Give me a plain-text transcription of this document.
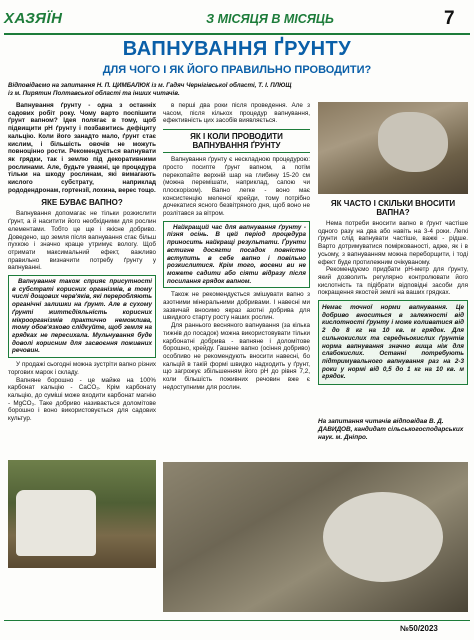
ХАЗЯЇН	З МІСЯЦЯ В МІСЯЦЬ	7
ВАПНУВАННЯ ҐРУНТУ
ДЛЯ ЧОГО І ЯК ЙОГО ПРАВИЛЬНО ПРОВОДИТИ?
Відповідаємо на запитання Н. П. ЦИМБАЛЮК із м. Гадяч Чернігівської області, Т. І. ПЛЮЩ із м. Пирятин Полтавської області та інших читачів.

Вапнування ґрунту - одна з останніх садових робіт року. Чому варто поспішити ґрунт вапном? Ідея полягає в тому, щоб підвищити pH ґрунту і позбавитись дефіциту кальцію. Коли його занадто мало, ґрунт стає кислим, і більшість овочів не можуть повноцінно рости. Рекомендується вапнувати як грядки, так і землю під декоративними рослинами. Але, будьте уважні, це процедура тільки на шкоду рослинам, які вимагають кислого субстрату, наприклад рододендронам, гортензії, лохина, верес тощо.

ЯКЕ БУВАЄ ВАПНО?

Вапнування допомагає не тільки розкислити ґрунт, а й наситити його необхідними для рослин елементами. Тобто це ще і якісне добриво. Доведено, що земля після вапнування стає більш пухкою і значно краще утримує вологу. Щоб отримати максимальний ефект, важливо правильно визначити потребу ґрунту у вапнуванні.

Вапнування також сприяє присутності в субстраті корисних організмів, в тому числі дощових черв'яків, які переробляють органічні залишки на ґрунт. Але в сухому ґрунті життєдіяльність корисних мікроорганізмів практично неможлива, тому обов'язково слідкуйте, щоб земля на грядках не пересихала. Мульчування буде доволі корисним для засвоєння поживних речовин.

У продажі сьогодні можна зустріти вапно різних торгових марок і складу.

Вапняне борошно - це майже на 100% карбонат кальцію - CaCO₃. Крім карбонату кальцію, до суміші може входити карбонат магнію - MgCO₃. Таке добриво називається доломітове борошно і воно використовується для садових культур.

в перші два роки після проведення. Але з часом, після кількох процедур вапнування, ефективність цих засобів виявляється.

ЯК І КОЛИ ПРОВОДИТИ ВАПНУВАННЯ ҐРУНТУ

Вапнування ґрунту є нескладною процедурою: просто посипте ґрунт вапном, а потім перекопайте верхній шар на глибину 15-20 см (можна перемішати, наприклад, сапою чи плоскорізом). Вапно легке - воно має консистенцію меленої крейди, тому потрібно дочекатися ясного безвітряного дня, щоб воно не розлітався за вітром.

Найкращий час для вапнування ґрунту - пізня осінь. В цей період процедура приносить найкращі результати. Ґрунти встигне досягти посадок повністю вступить в себе вапно і повільно розкислитися. Крім того, восени ви не можете садити або сіяти відразу після посилання грядок вапном.

Також не рекомендується змішувати вапно з азотними мінеральними добривами. І навесні ми зазвичай вносимо якраз азотні добрива для швидкого старту росту наших рослин.

Для раннього весняного вапнування (за кілька тижнів до посадок) можна використовувати тільки карбонатні добрива - вапняне і доломітове борошно, крейду. Гашене вапно (осіння добриво) особливо не рекомендують вносити навесні, бо кальцій в такій формі швидко надходить у ґрунт, що загрожує збільшенням його pH до рівня 7,2, коли більшість поживних речовин вже є недоступними для рослин.

ЯК ЧАСТО І СКІЛЬКИ ВНОСИТИ ВАПНА?

Нема потреби вносити вапно в ґрунт частіше одного разу на два або навіть на 3-4 роки. Легкі ґрунти слід вапнувати частіше, важкі - рідше. Варто дотримуватися поміркованості, адже, як і в усьому, з вапнуванням можна переборщити, і тоді ефект буде протилежним очікуваному.

Рекомендуємо придбати pH-метр для ґрунту, який дозволить регулярно контролювати його кислотність та підібрати відповідні засоби для покращення якостей землі на ваших грядках.

Немає точної норми вапнування. Це добриво вноситься в залежності від кислотності ґрунту і може коливатися від 2 до 8 кг на 10 кв. м грядок. Для сильнокислих та середньокислих ґрунтів норма вапнування значно вища ніж для слабокислих. Останні потребують підтримувального вапнування раз на 2-3 роки у нормі від 0,5 до 1 кг на 10 кв. м грядок.
На запитання читачів відповідав В. Д. ДАВИДОВ, кандидат сільськогосподарських наук. м. Дніпро.
№50/2023
